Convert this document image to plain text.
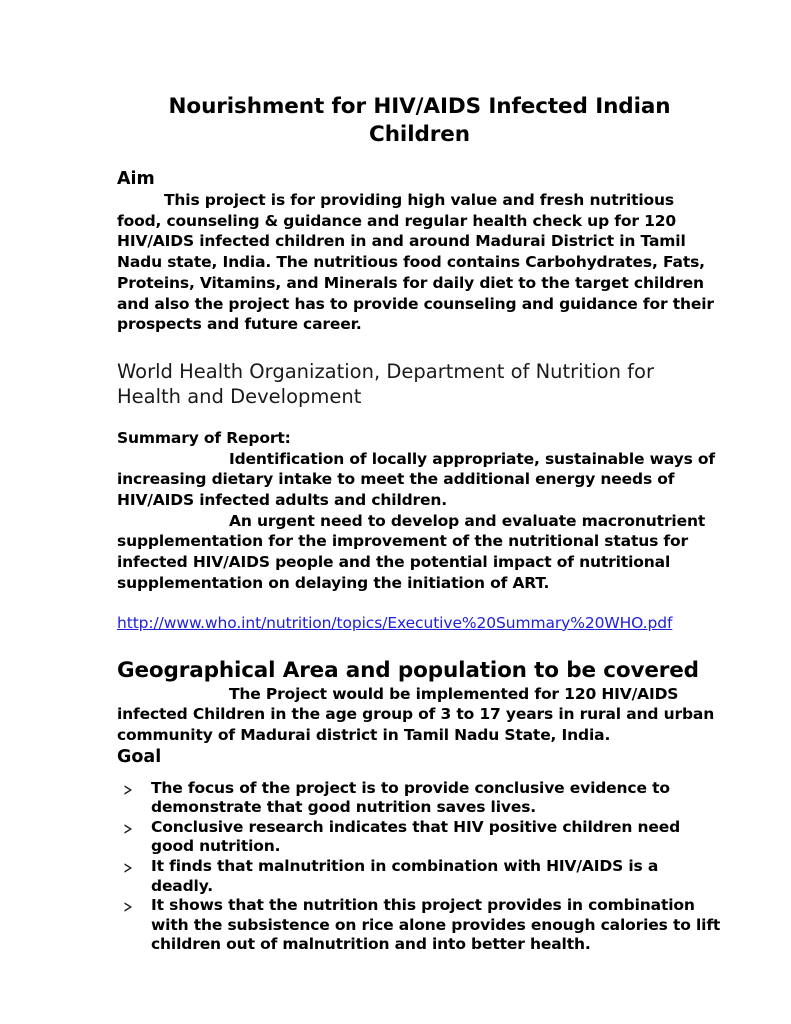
Nourishment for HIV/AIDS Infected Indian Children
Aim

This project is for providing high value and fresh nutritious food, counseling & guidance and regular health check up for 120 HIV/AIDS infected children in and around Madurai District in Tamil Nadu state, India. The nutritious food contains Carbohydrates, Fats, Proteins, Vitamins, and Minerals for daily diet to the target children and also the project has to provide counseling and guidance for their prospects and future career.

World Health Organization, Department of Nutrition for Health and Development
Summary of Report:

Identification of locally appropriate, sustainable ways of increasing dietary intake to meet the additional energy needs of HIV/AIDS infected adults and children.

An urgent need to develop and evaluate macronutrient supplementation for the improvement of the nutritional status for infected HIV/AIDS people and the potential impact of nutritional supplementation on delaying the initiation of ART.

http://www.who.int/nutrition/topics/Executive%20Summary%20WHO.pdf

Geographical Area and population to be covered

The Project would be implemented for 120 HIV/AIDS infected Children in the age group of 3 to 17 years in rural and urban community of Madurai district in Tamil Nadu State, India.

Goal
The focus of the project is to provide conclusive evidence to demonstrate that good nutrition saves lives.
Conclusive research indicates that HIV positive children need good nutrition.
It finds that malnutrition in combination with HIV/AIDS is a deadly.
It shows that the nutrition this project provides in combination with the subsistence on rice alone provides enough calories to lift children out of malnutrition and into better health.
